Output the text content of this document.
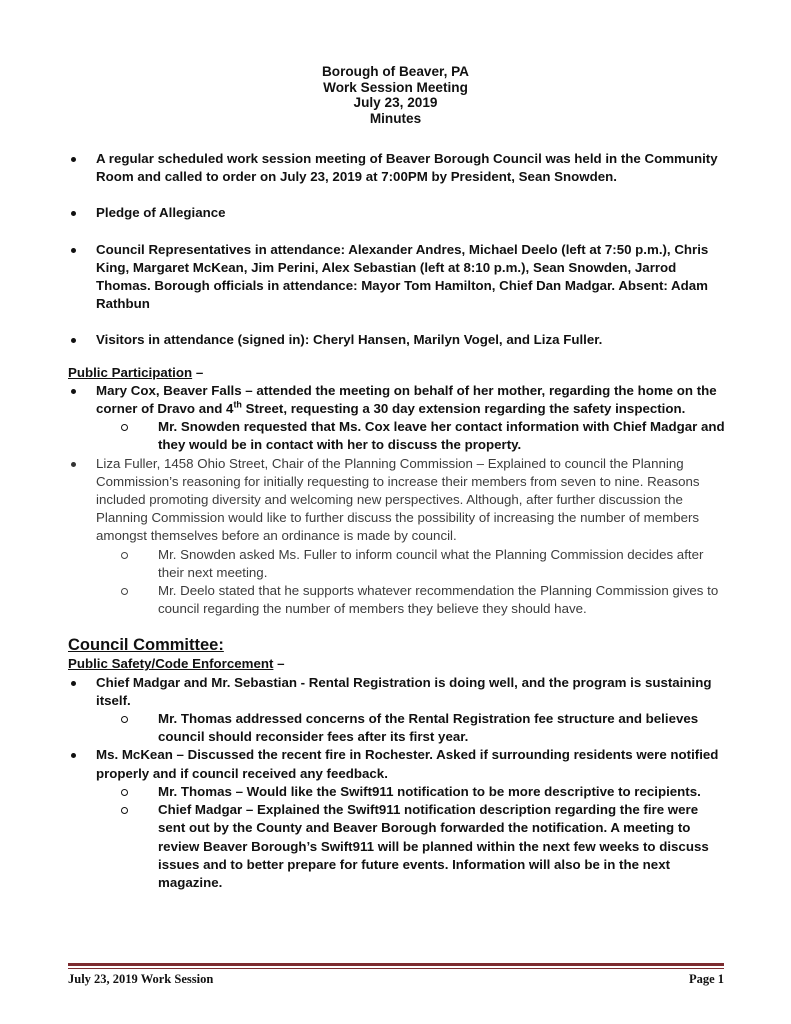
Borough of Beaver, PA
Work Session Meeting
July 23, 2019
Minutes
A regular scheduled work session meeting of Beaver Borough Council was held in the Community Room and called to order on July 23, 2019 at 7:00PM by President, Sean Snowden.
Pledge of Allegiance
Council Representatives in attendance: Alexander Andres, Michael Deelo (left at 7:50 p.m.), Chris King, Margaret McKean, Jim Perini, Alex Sebastian (left at 8:10 p.m.), Sean Snowden, Jarrod Thomas. Borough officials in attendance: Mayor Tom Hamilton, Chief Dan Madgar. Absent: Adam Rathbun
Visitors in attendance (signed in): Cheryl Hansen, Marilyn Vogel, and Liza Fuller.
Public Participation –
Mary Cox, Beaver Falls – attended the meeting on behalf of her mother, regarding the home on the corner of Dravo and 4th Street, requesting a 30 day extension regarding the safety inspection.
Mr. Snowden requested that Ms. Cox leave her contact information with Chief Madgar and they would be in contact with her to discuss the property.
Liza Fuller, 1458 Ohio Street, Chair of the Planning Commission – Explained to council the Planning Commission’s reasoning for initially requesting to increase their members from seven to nine. Reasons included promoting diversity and welcoming new perspectives. Although, after further discussion the Planning Commission would like to further discuss the possibility of increasing the number of members amongst themselves before an ordinance is made by council.
Mr. Snowden asked Ms. Fuller to inform council what the Planning Commission decides after their next meeting.
Mr. Deelo stated that he supports whatever recommendation the Planning Commission gives to council regarding the number of members they believe they should have.
Council Committee:
Public Safety/Code Enforcement –
Chief Madgar and Mr. Sebastian - Rental Registration is doing well, and the program is sustaining itself.
Mr. Thomas addressed concerns of the Rental Registration fee structure and believes council should reconsider fees after its first year.
Ms. McKean – Discussed the recent fire in Rochester. Asked if surrounding residents were notified properly and if council received any feedback.
Mr. Thomas – Would like the Swift911 notification to be more descriptive to recipients.
Chief Madgar – Explained the Swift911 notification description regarding the fire were sent out by the County and Beaver Borough forwarded the notification. A meeting to review Beaver Borough’s Swift911 will be planned within the next few weeks to discuss issues and to better prepare for future events. Information will also be in the next magazine.
July 23, 2019 Work Session	Page 1
